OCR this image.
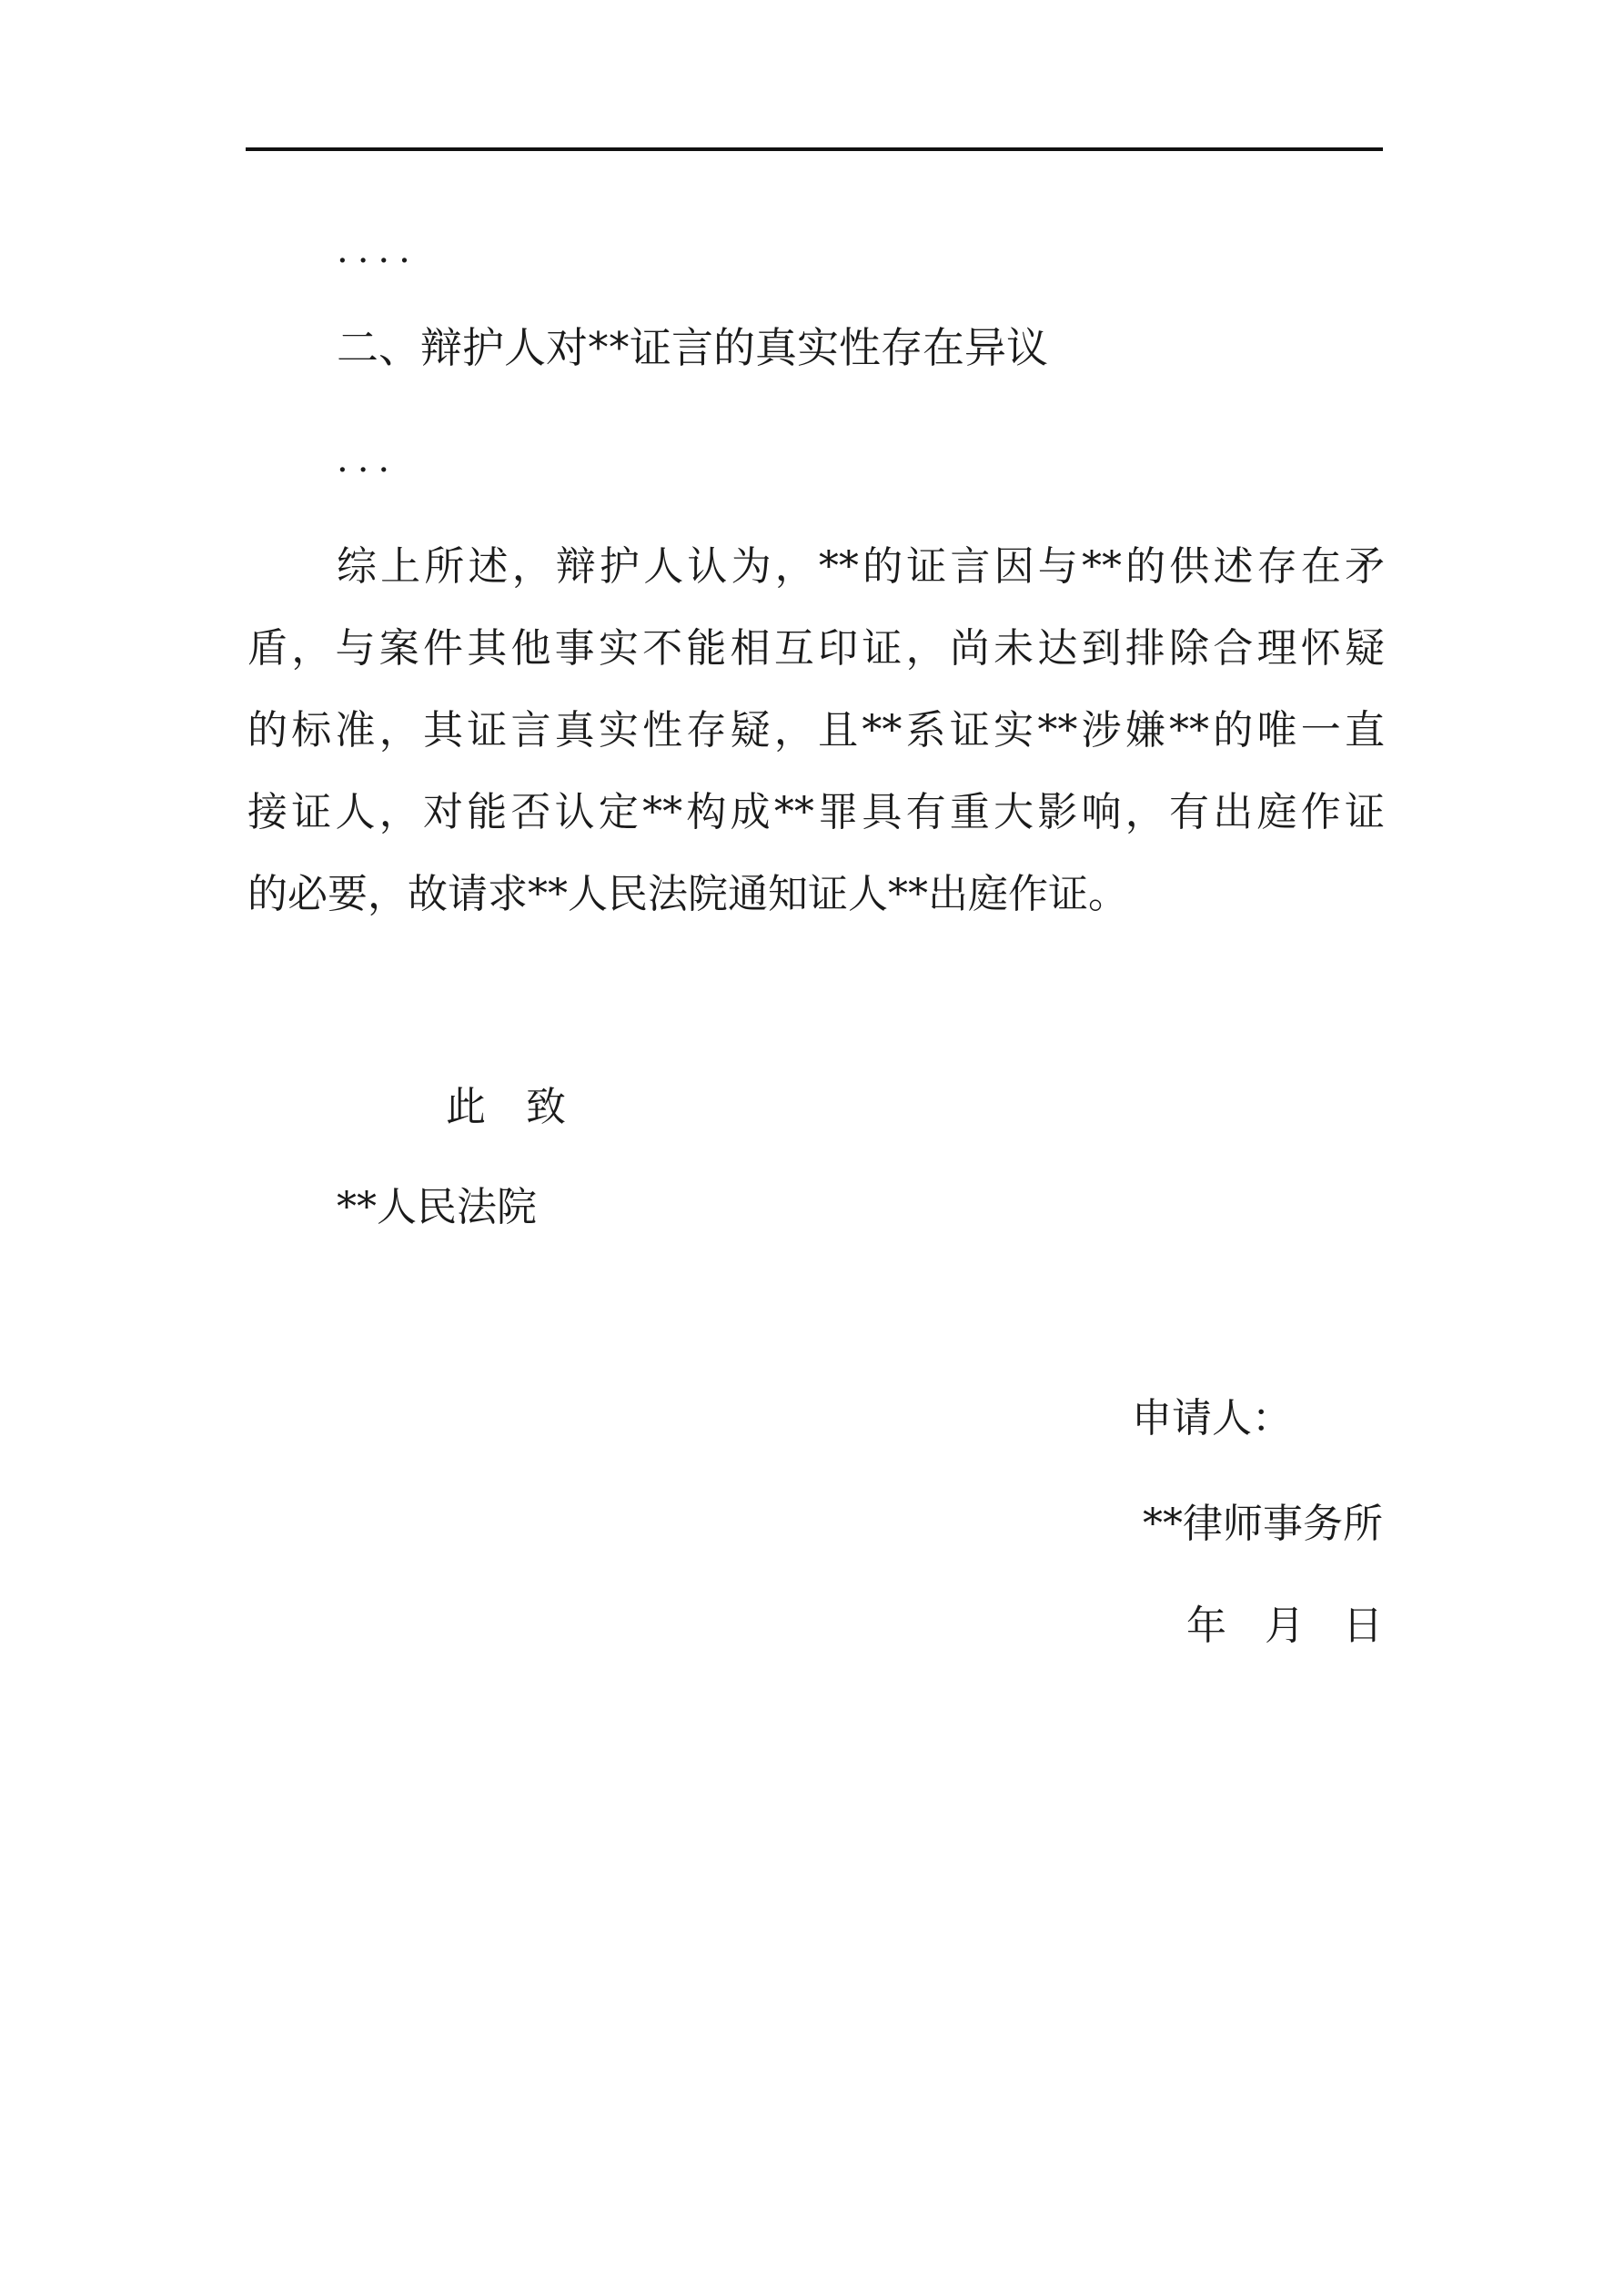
....
二、辩护人对**证言的真实性存在异议
...
综上所述，辩护人认为，**的证言因与**的供述存在矛
盾，与案件其他事实不能相互印证，尚未达到排除合理怀疑
的标准，其证言真实性存疑，且**系证实**涉嫌**的唯一直
接证人，对能否认定**构成**罪具有重大影响，有出庭作证
的必要，故请求**人民法院通知证人**出庭作证。
此致
**人民法院
申请人：
**律师事务所
年 月 日
